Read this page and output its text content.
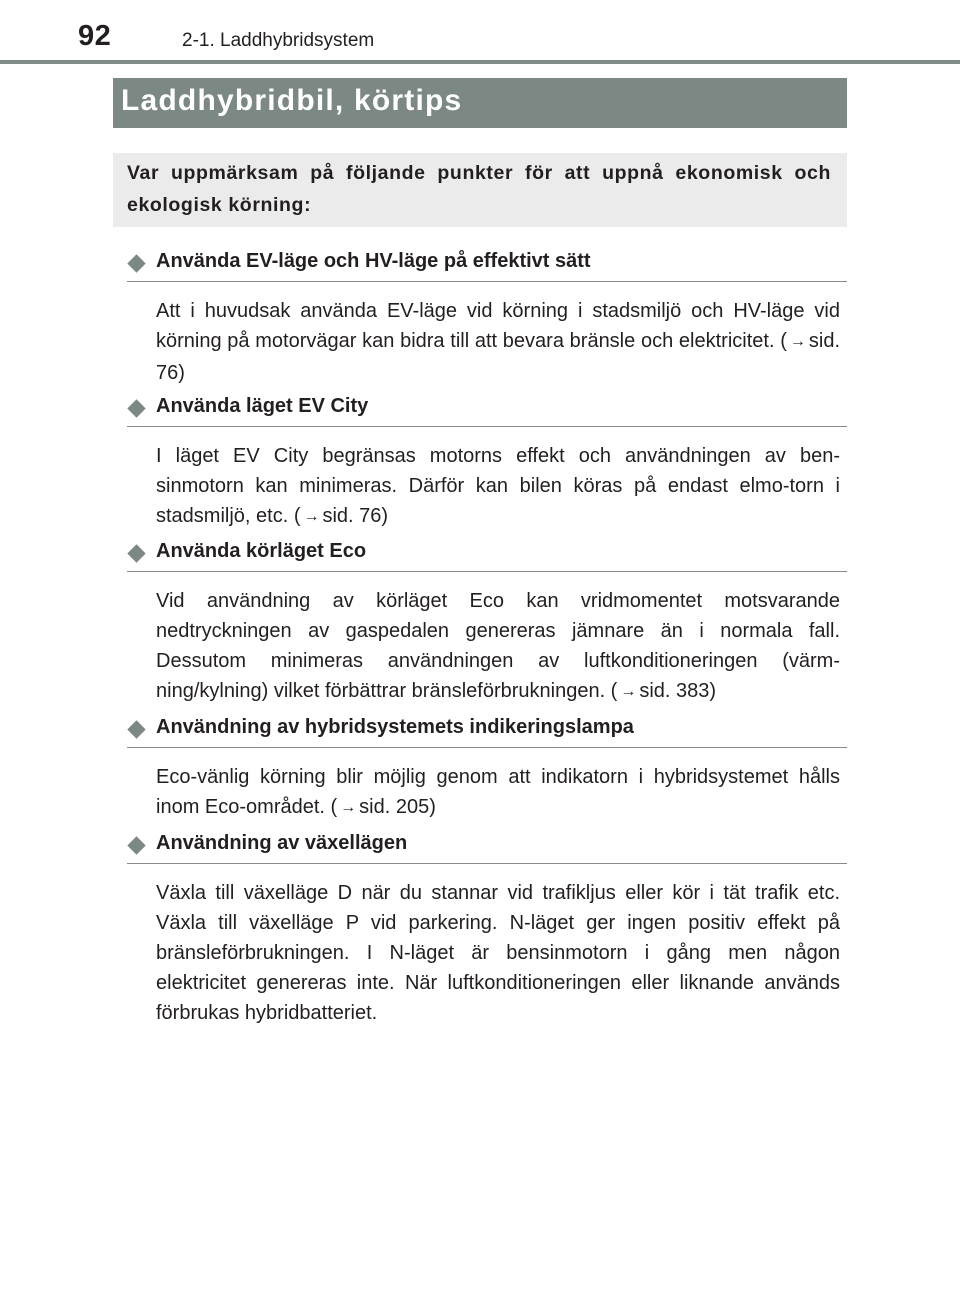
92	2-1. Laddhybridsystem
Laddhybridbil, körtips

Var uppmärksam på följande punkter för att uppnå ekonomisk och ekologisk körning:

Använda EV-läge och HV-läge på effektivt sätt
Att i huvudsak använda EV-läge vid körning i stadsmiljö och HV-läge vid körning på motorvägar kan bidra till att bevara bränsle och elektricitet. ( → sid. 76)
Använda läget EV City
I läget EV City begränsas motorns effekt och användningen av ben-sinmotorn kan minimeras. Därför kan bilen köras på endast elmo-torn i stadsmiljö, etc. ( → sid. 76)
Använda körläget Eco
Vid användning av körläget Eco kan vridmomentet motsvarande nedtryckningen av gaspedalen genereras jämnare än i normala fall. Dessutom minimeras användningen av luftkonditioneringen (värm-ning/kylning) vilket förbättrar bränsleförbrukningen. ( → sid. 383)
Användning av hybridsystemets indikeringslampa
Eco-vänlig körning blir möjlig genom att indikatorn i hybridsystemet hålls inom Eco-området. ( → sid. 205)
Användning av växellägen
Växla till växelläge D när du stannar vid trafikljus eller kör i tät trafik etc. Växla till växelläge P vid parkering. N-läget ger ingen positiv effekt på bränsleförbrukningen. I N-läget är bensinmotorn i gång men någon elektricitet genereras inte. När luftkonditioneringen eller liknande används förbrukas hybridbatteriet.
